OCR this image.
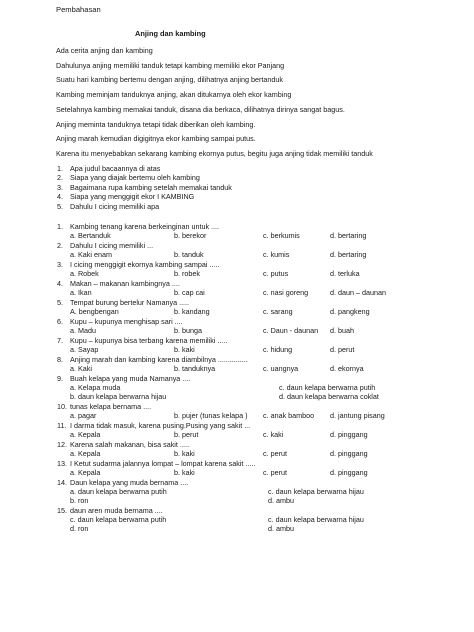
Pembahasan
Anjing dan kambing
Ada cerita anjing dan kambing
Dahulunya anjing memiliki tanduk tetapi kambing memiliki ekor Panjang
Suatu hari kambing bertemu dengan anjing, dilihatnya anjing bertanduk
Kambing meminjam tanduknya anjing, akan ditukarnya oleh ekor kambing
Setelahnya kambing memakai tanduk, disana dia berkaca, dilihatnya dirinya sangat bagus.
Anjing meminta tanduknya tetapi tidak diberikan oleh kambing.
Anjing marah kemudian digigitnya ekor kambing sampai putus.
Karena itu menyebabkan sekarang kambing ekornya putus, begitu juga anjing tidak memiliki tanduk
1. Apa judul bacaannya di atas
2. Siapa yang diajak bertemu oleh kambing
3. Bagaimana rupa kambing setelah memakai tanduk
4. Siapa yang menggigit ekor I KAMBING
5. Dahulu I cicing memiliki apa
1. Kambing tenang karena berkeinginan untuk ....
a. Bertanduk	b. berekor	c. berkumis	d. bertaring
2. Dahulu I cicing memiliki ...
a. Kaki enam	b. tanduk	c. kumis	d. bertaring
3. I cicing menggigit ekornya kambing sampai .....
a. Robek	b. robek	c. putus	d. terluka
4. Makan – makanan kambingnya ....
a. Ikan	b. cap cai	c. nasi goreng	d. daun – daunan
5. Tempat burung bertelur Namanya .....
A. bengbengan	b. kandang	c. sarang	d. pangkeng
6. Kupu – kupunya menghisap sari ....
a. Madu	b. bunga	c. Daun - daunan d. buah
7. Kupu – kupunya bisa terbang karena memiliki .....
a. Sayap	b. kaki	c. hidung	d. perut
8. Anjing marah dan kambing karena diambilnya ...............
a. Kaki	b. tanduknya	c. uangnya	d. ekornya
9. Buah kelapa yang muda Namanya ....
a. Kelapa muda	c. daun kelapa berwarna putih
b. daun kelapa berwarna hijau	d. daun kelapa berwarna coklat
10. tunas kelapa bernama ....
a. pagar	b. pujer (tunas kelapa ) c. anak bamboo d. jantung pisang
11. I darma tidak masuk, karena pusing.Pusing yang sakit ...
a. Kepala	b. perut	c. kaki	d. pinggang
12. Karena salah makanan, bisa sakit .....
a. Kepala	b. kaki	c. perut	d. pinggang
13. I Ketut sudarma jalannya lompat – lompat karena sakit .....
a. Kepala	b. kaki	c. perut	d. pinggang
14. Daun kelapa yang muda bernama ....
a. daun kelapa berwarna putih	c. daun kelapa berwarna hijau
b. ron	d. ambu
15. daun aren muda bernama ....
c. daun kelapa berwarna putih	c. daun kelapa berwarna hijau
d. ron	d. ambu
